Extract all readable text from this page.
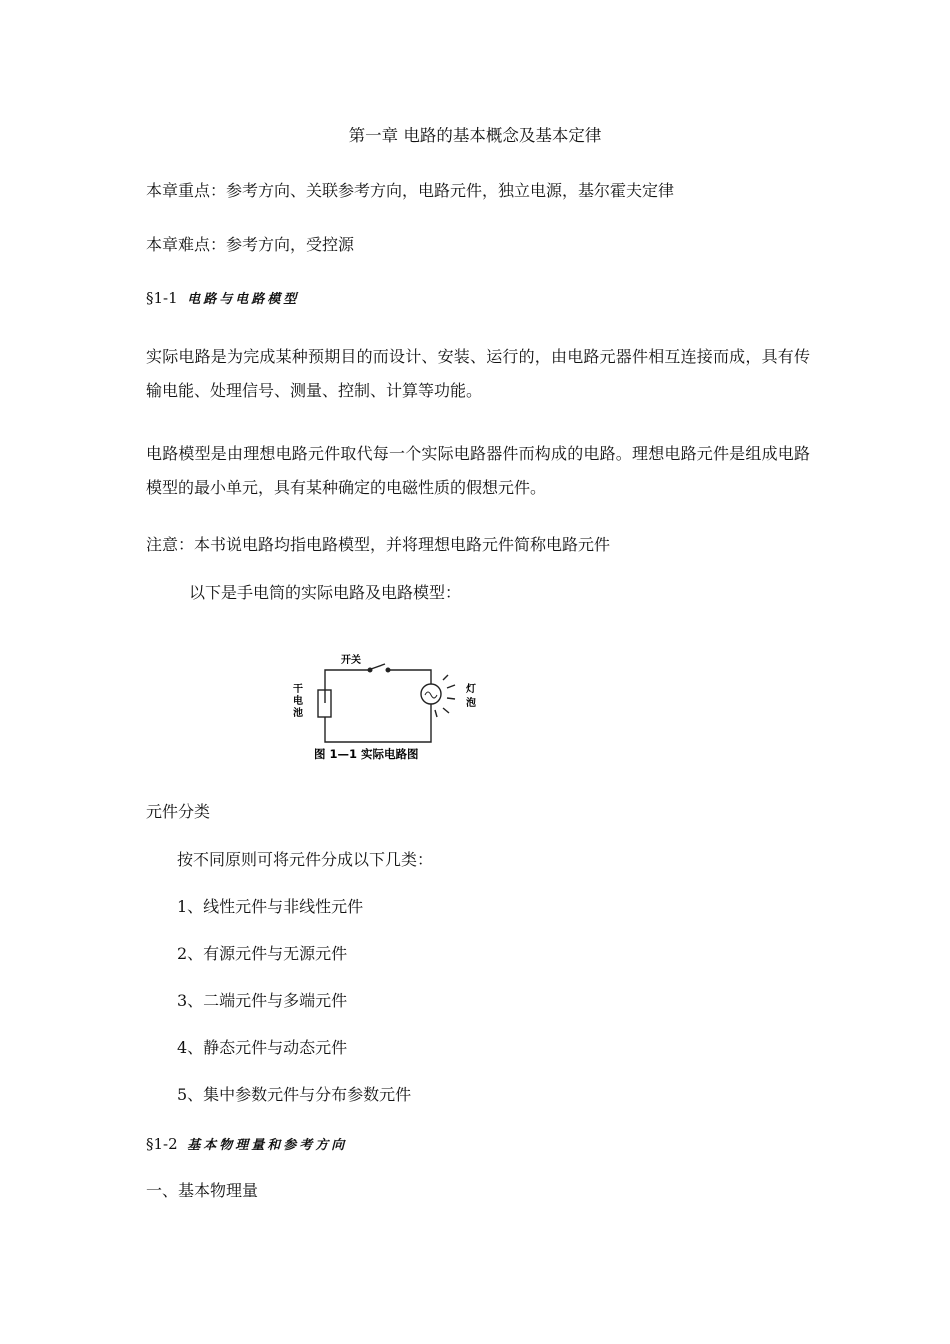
第一章 电路的基本概念及基本定律
本章重点：参考方向、关联参考方向，电路元件，独立电源，基尔霍夫定律
本章难点：参考方向，受控源
§1-1 电路与电路模型
实际电路是为完成某种预期目的而设计、安装、运行的，由电路元器件相互连接而成，具有传输电能、处理信号、测量、控制、计算等功能。
电路模型是由理想电路元件取代每一个实际电路器件而构成的电路。理想电路元件是组成电路模型的最小单元，具有某种确定的电磁性质的假想元件。
注意：本书说电路均指电路模型，并将理想电路元件简称电路元件
以下是手电筒的实际电路及电路模型：
开关
干
电
池
灯
泡
图 1—1 实际电路图
元件分类
按不同原则可将元件分成以下几类：
1、线性元件与非线性元件
2、有源元件与无源元件
3、二端元件与多端元件
4、静态元件与动态元件
5、集中参数元件与分布参数元件
§1-2 基本物理量和参考方向
一、基本物理量
